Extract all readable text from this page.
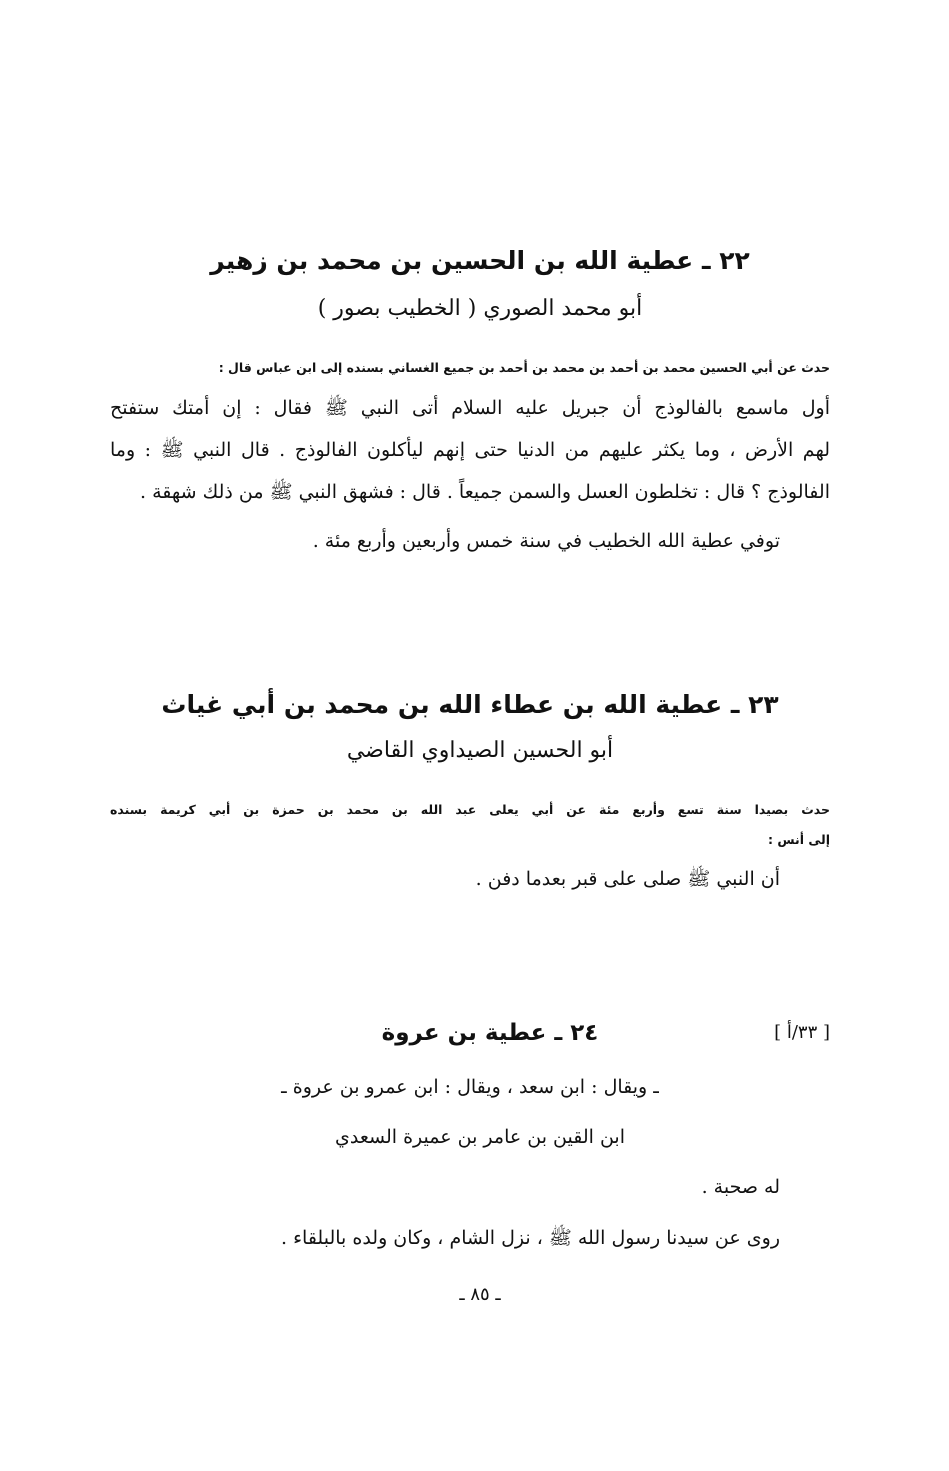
٢٢ ـ عطية الله بن الحسين بن محمد بن زهير
أبو محمد الصوري ( الخطيب بصور )
حدث عن أبي الحسين محمد بن أحمد بن محمد بن أحمد بن جميع الغساني بسنده إلى ابن عباس قال :
أول ماسمع بالفالوذج أن جبريل عليه السلام أتى النبي ﷺ فقال : إن أمتك ستفتح
لهم الأرض ، وما يكثر عليهم من الدنيا حتى إنهم ليأكلون الفالوذج . قال النبي ﷺ : وما
الفالوذج ؟ قال : تخلطون العسل والسمن جميعاً . قال : فشهق النبي ﷺ من ذلك شهقة .
توفي عطية الله الخطيب في سنة خمس وأربعين وأربع مئة .
٢٣ ـ عطية الله بن عطاء الله بن محمد بن أبي غياث
أبو الحسين الصيداوي القاضي
حدث بصيدا سنة تسع وأربع مئة عن أبي يعلى عبد الله بن محمد بن حمزة بن أبي كريمة بسنده
إلى أنس :
أن النبي ﷺ صلى على قبر بعدما دفن .
[ ٣٣/أ ]
٢٤ ـ عطية بن عروة
ـ ويقال : ابن سعد ، ويقال : ابن عمرو بن عروة ـ
ابن القين بن عامر بن عميرة السعدي
له صحبة .
روى عن سيدنا رسول الله ﷺ ، نزل الشام ، وكان ولده بالبلقاء .
ـ ٨٥ ـ
